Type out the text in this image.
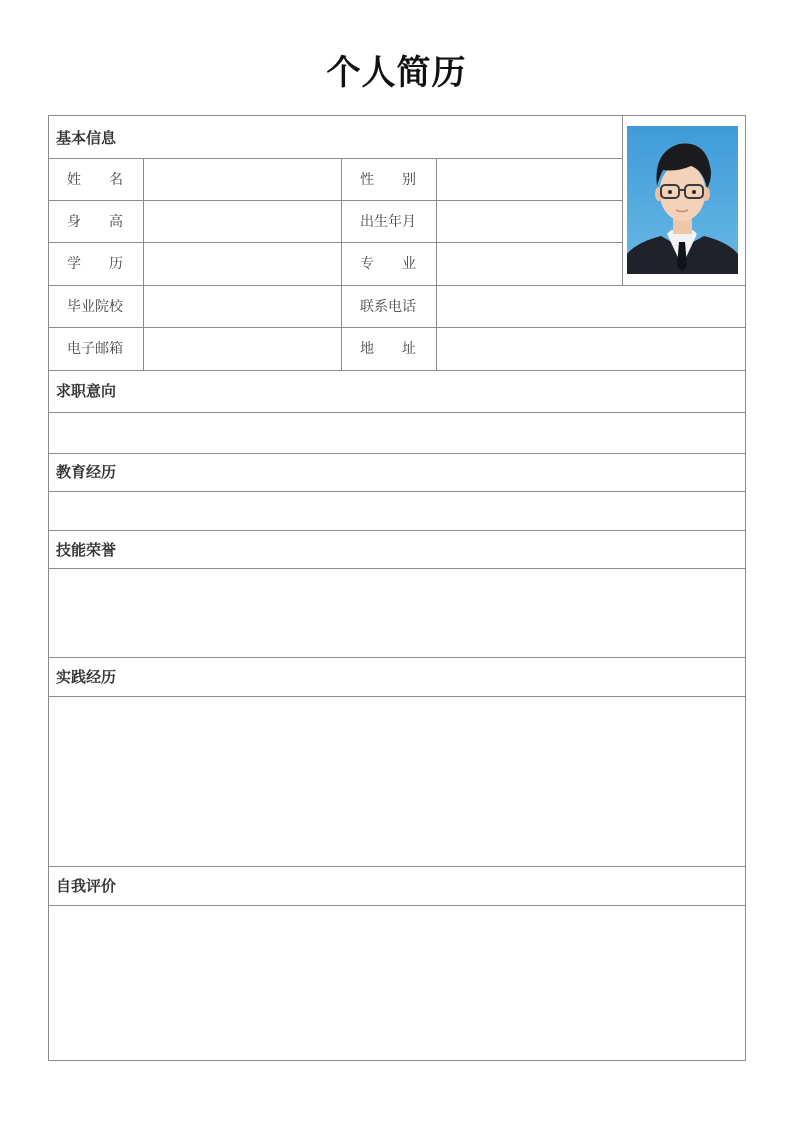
个人简历
基本信息
姓 名	性 别
身 高	出生年月
学 历	专 业
毕业院校	联系电话
电子邮箱	地 址
求职意向
教育经历
技能荣誉
实践经历
自我评价
